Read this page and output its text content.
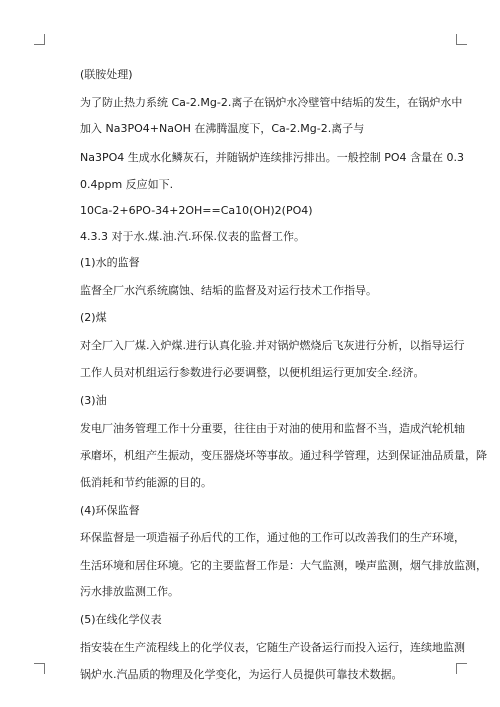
(联胺处理)
为了防止热力系统 Ca-2.Mg-2.离子在锅炉水冷壁管中结垢的发生，在锅炉水中
加入 Na3PO4+NaOH 在沸腾温度下，Ca-2.Mg-2.离子与
Na3PO4 生成水化鳞灰石，并随锅炉连续排污排出。一般控制 PO4 含量在 0.3
0.4ppm 反应如下.
10Ca-2+6PO-34+2OH==Ca10(OH)2(PO4)
4.3.3 对于水.煤.油.汽.环保.仪表的监督工作。
(1)水的监督
监督全厂水汽系统腐蚀、结垢的监督及对运行技术工作指导。
(2)煤
对全厂入厂煤.入炉煤.进行认真化验.并对锅炉燃烧后飞灰进行分析，以指导运行
工作人员对机组运行参数进行必要调整，以便机组运行更加安全.经济。
(3)油
发电厂油务管理工作十分重要，往往由于对油的使用和监督不当，造成汽轮机轴
承磨坏，机组产生振动，变压器烧坏等事故。通过科学管理，达到保证油品质量，降
低消耗和节约能源的目的。
(4)环保监督
环保监督是一项造福子孙后代的工作，通过他的工作可以改善我们的生产环境，
生活环境和居住环境。它的主要监督工作是：大气监测，噪声监测，烟气排放监测，
污水排放监测工作。
(5)在线化学仪表
指安装在生产流程线上的化学仪表，它随生产设备运行而投入运行，连续地监测
锅炉水.汽品质的物理及化学变化，为运行人员提供可靠技术数据。
